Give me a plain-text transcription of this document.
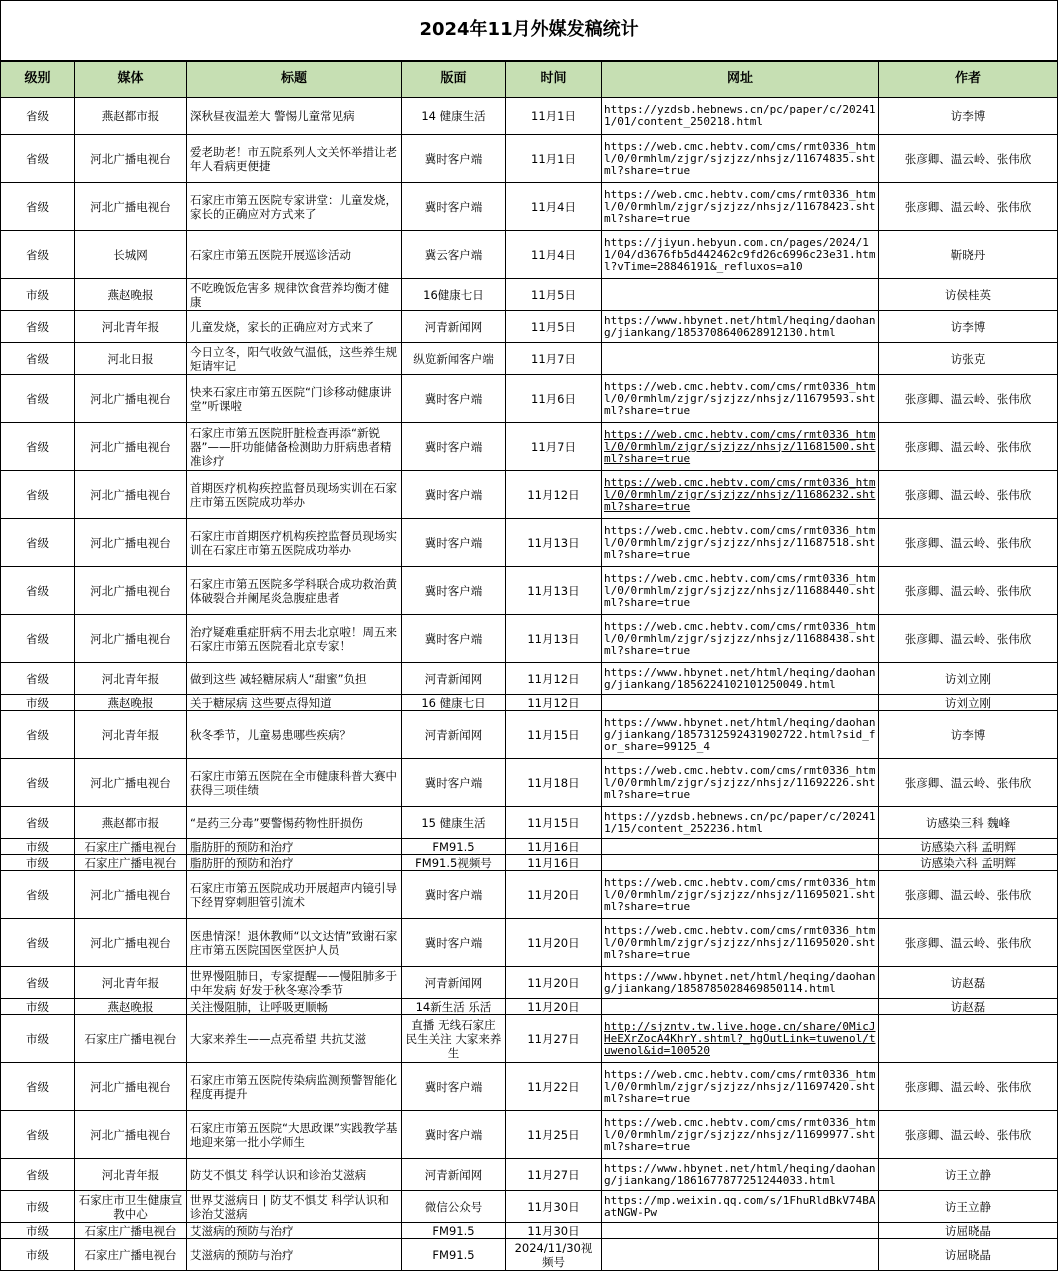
2024年11月外媒发稿统计						
级别	媒体	标题	版面	时间	网址	作者
省级	燕赵都市报	深秋昼夜温差大 警惕儿童常见病	14 健康生活	11月1日	https://yzdsb.hebnews.cn/pc/paper/c/202411/01/content_250218.html	访李博
省级	河北广播电视台	爱老助老！市五院系列人文关怀举措让老年人看病更便捷	冀时客户端	11月1日	https://web.cmc.hebtv.com/cms/rmt0336_html/0/0rmhlm/zjgr/sjzjzz/nhsjz/11674835.shtml?share=true	张彦卿、温云岭、张伟欣
省级	河北广播电视台	石家庄市第五医院专家讲堂：儿童发烧，家长的正确应对方式来了	冀时客户端	11月4日	https://web.cmc.hebtv.com/cms/rmt0336_html/0/0rmhlm/zjgr/sjzjzz/nhsjz/11678423.shtml?share=true	张彦卿、温云岭、张伟欣
省级	长城网	石家庄市第五医院开展巡诊活动	冀云客户端	11月4日	https://jiyun.hebyun.com.cn/pages/2024/11/04/d3676fb5d442462c9fd26c6996c23e31.html?vTime=28846191&_refluxos=a10	靳晓丹
市级	燕赵晚报	不吃晚饭危害多 规律饮食营养均衡才健康	16健康七日	11月5日		访侯桂英
省级	河北青年报	儿童发烧，家长的正确应对方式来了	河青新闻网	11月5日	https://www.hbynet.net/html/heqing/daohang/jiankang/1853708640628912130.html	访李博
省级	河北日报	今日立冬，阳气收敛气温低，这些养生规矩请牢记	纵览新闻客户端	11月7日		访张克
省级	河北广播电视台	快来石家庄市第五医院“门诊移动健康讲堂”听课啦	冀时客户端	11月6日	https://web.cmc.hebtv.com/cms/rmt0336_html/0/0rmhlm/zjgr/sjzjzz/nhsjz/11679593.shtml?share=true	张彦卿、温云岭、张伟欣
省级	河北广播电视台	石家庄市第五医院肝脏检查再添“新锐器”——肝功能储备检测助力肝病患者精准诊疗	冀时客户端	11月7日	https://web.cmc.hebtv.com/cms/rmt0336_html/0/0rmhlm/zjgr/sjzjzz/nhsjz/11681500.shtml?share=true	张彦卿、温云岭、张伟欣
省级	河北广播电视台	首期医疗机构疾控监督员现场实训在石家庄市第五医院成功举办	冀时客户端	11月12日	https://web.cmc.hebtv.com/cms/rmt0336_html/0/0rmhlm/zjgr/sjzjzz/nhsjz/11686232.shtml?share=true	张彦卿、温云岭、张伟欣
省级	河北广播电视台	石家庄市首期医疗机构疾控监督员现场实训在石家庄市第五医院成功举办	冀时客户端	11月13日	https://web.cmc.hebtv.com/cms/rmt0336_html/0/0rmhlm/zjgr/sjzjzz/nhsjz/11687518.shtml?share=true	张彦卿、温云岭、张伟欣
省级	河北广播电视台	石家庄市第五医院多学科联合成功救治黄体破裂合并阑尾炎急腹症患者	冀时客户端	11月13日	https://web.cmc.hebtv.com/cms/rmt0336_html/0/0rmhlm/zjgr/sjzjzz/nhsjz/11688440.shtml?share=true	张彦卿、温云岭、张伟欣
省级	河北广播电视台	治疗疑难重症肝病不用去北京啦！周五来石家庄市第五医院看北京专家！	冀时客户端	11月13日	https://web.cmc.hebtv.com/cms/rmt0336_html/0/0rmhlm/zjgr/sjzjzz/nhsjz/11688438.shtml?share=true	张彦卿、温云岭、张伟欣
省级	河北青年报	做到这些 减轻糖尿病人“甜蜜”负担	河青新闻网	11月12日	https://www.hbynet.net/html/heqing/daohang/jiankang/1856224102101250049.html	访刘立刚
市级	燕赵晚报	关于糖尿病 这些要点得知道	16 健康七日	11月12日		访刘立刚
省级	河北青年报	秋冬季节，儿童易患哪些疾病？	河青新闻网	11月15日	https://www.hbynet.net/html/heqing/daohang/jiankang/1857312592431902722.html?sid_for_share=99125_4	访李博
省级	河北广播电视台	石家庄市第五医院在全市健康科普大赛中获得三项佳绩	冀时客户端	11月18日	https://web.cmc.hebtv.com/cms/rmt0336_html/0/0rmhlm/zjgr/sjzjzz/nhsjz/11692226.shtml?share=true	张彦卿、温云岭、张伟欣
省级	燕赵都市报	“是药三分毒”要警惕药物性肝损伤	15 健康生活	11月15日	https://yzdsb.hebnews.cn/pc/paper/c/202411/15/content_252236.html	访感染三科 魏峰
市级	石家庄广播电视台	脂肪肝的预防和治疗	FM91.5	11月16日		访感染六科 孟明辉
市级	石家庄广播电视台	脂肪肝的预防和治疗	FM91.5视频号	11月16日		访感染六科 孟明辉
省级	河北广播电视台	石家庄市第五医院成功开展超声内镜引导下经胃穿刺胆管引流术	冀时客户端	11月20日	https://web.cmc.hebtv.com/cms/rmt0336_html/0/0rmhlm/zjgr/sjzjzz/nhsjz/11695021.shtml?share=true	张彦卿、温云岭、张伟欣
省级	河北广播电视台	医患情深！退休教师“以文达情”致谢石家庄市第五医院国医堂医护人员	冀时客户端	11月20日	https://web.cmc.hebtv.com/cms/rmt0336_html/0/0rmhlm/zjgr/sjzjzz/nhsjz/11695020.shtml?share=true	张彦卿、温云岭、张伟欣
省级	河北青年报	世界慢阻肺日，专家提醒——慢阻肺多于中年发病 好发于秋冬寒冷季节	河青新闻网	11月20日	https://www.hbynet.net/html/heqing/daohang/jiankang/1858785028469850114.html	访赵磊
市级	燕赵晚报	关注慢阻肺，让呼吸更顺畅	14新生活 乐活	11月20日		访赵磊
市级	石家庄广播电视台	大家来养生——点亮希望 共抗艾滋	直播 无线石家庄 民生关注 大家来养生	11月27日	http://sjzntv.tw.live.hoge.cn/share/0MicJHeEXrZocA4KhrY.shtml?_hgOutLink=tuwenol/tuwenol&id=100520	
省级	河北广播电视台	石家庄市第五医院传染病监测预警智能化程度再提升	冀时客户端	11月22日	https://web.cmc.hebtv.com/cms/rmt0336_html/0/0rmhlm/zjgr/sjzjzz/nhsjz/11697420.shtml?share=true	张彦卿、温云岭、张伟欣
省级	河北广播电视台	石家庄市第五医院“大思政课”实践教学基地迎来第一批小学师生	冀时客户端	11月25日	https://web.cmc.hebtv.com/cms/rmt0336_html/0/0rmhlm/zjgr/sjzjzz/nhsjz/11699977.shtml?share=true	张彦卿、温云岭、张伟欣
省级	河北青年报	防艾不惧艾 科学认识和诊治艾滋病	河青新闻网	11月27日	https://www.hbynet.net/html/heqing/daohang/jiankang/1861677877251244033.html	访王立静
市级	石家庄市卫生健康宣教中心	世界艾滋病日 | 防艾不惧艾 科学认识和诊治艾滋病	微信公众号	11月30日	https://mp.weixin.qq.com/s/1FhuRldBkV74BAatNGW-Pw	访王立静
市级	石家庄广播电视台	艾滋病的预防与治疗	FM91.5	11月30日		访屈晓晶
市级	石家庄广播电视台	艾滋病的预防与治疗	FM91.5	2024/11/30视频号		访屈晓晶
